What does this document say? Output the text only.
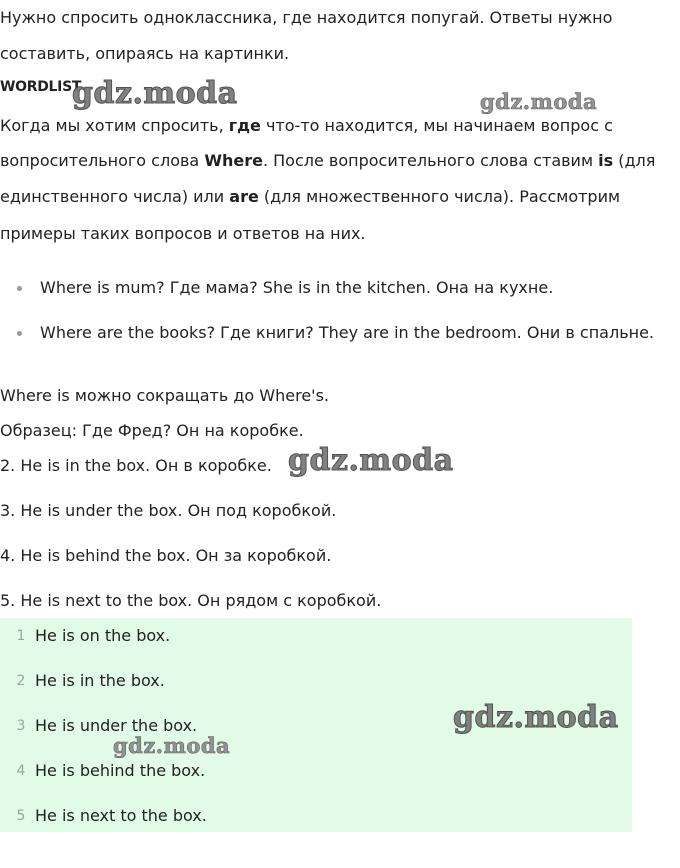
Нужно спросить одноклассника, где находится попугай. Ответы нужно
составить, опираясь на картинки.
WORDLIST
Когда мы хотим спросить, где что-то находится, мы начинаем вопрос с
вопросительного слова Where. После вопросительного слова ставим is (для
единственного числа) или are (для множественного числа). Рассмотрим
примеры таких вопросов и ответов на них.
Where is mum? Где мама? She is in the kitchen. Она на кухне.
Where are the books? Где книги? They are in the bedroom. Они в спальне.
Where is можно сокращать до Where's.
Образец: Где Фред? Он на коробке.
2. He is in the box. Он в коробке.
3. He is under the box. Он под коробкой.
4. He is behind the box. Он за коробкой.
5. He is next to the box. Он рядом с коробкой.
1 He is on the box.
2 He is in the box.
3 He is under the box.
4 He is behind the box.
5 He is next to the box.
gdz.moda	gdz.moda
gdz.moda
gdz.moda
gdz.moda
